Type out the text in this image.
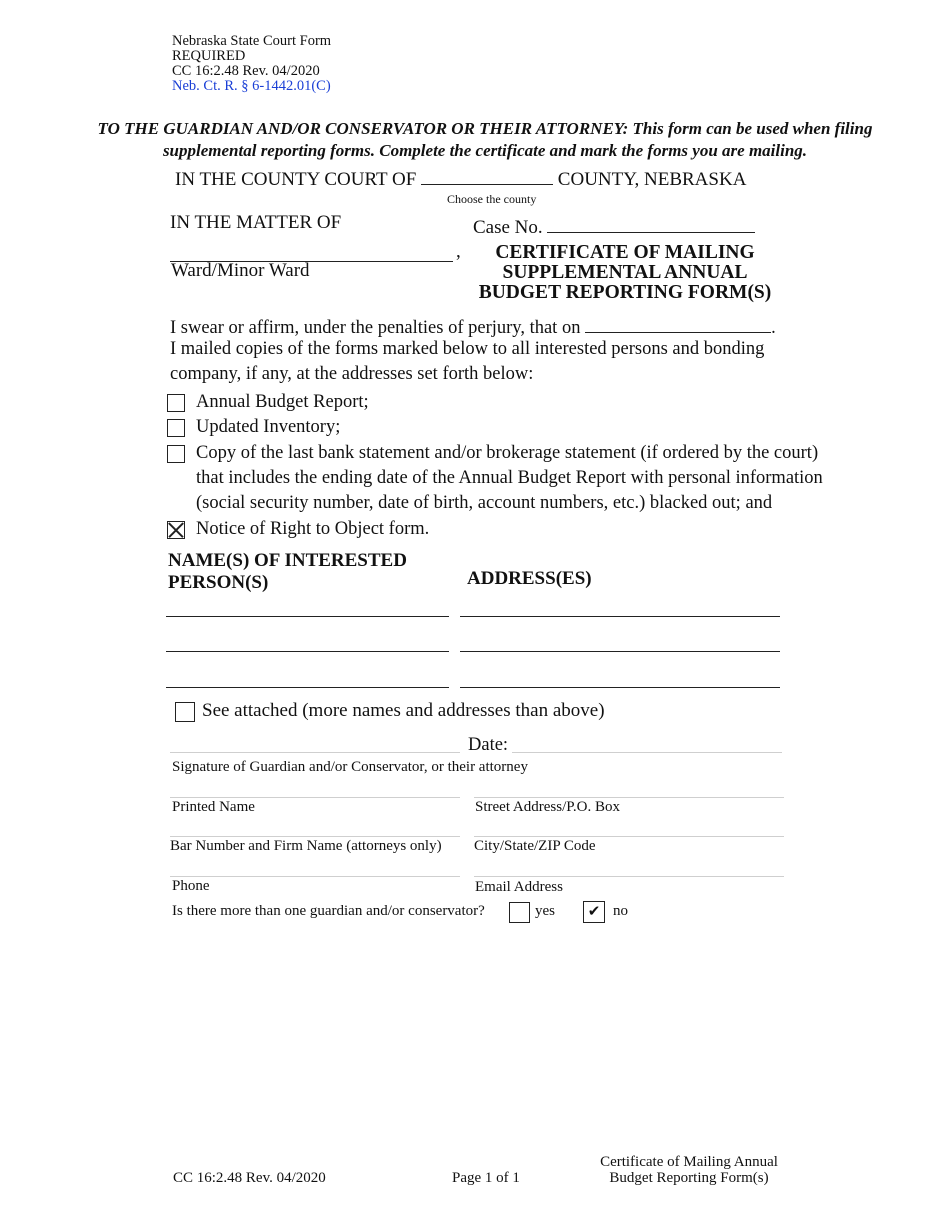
Nebraska State Court Form
REQUIRED
CC 16:2.48 Rev. 04/2020
Neb. Ct. R. § 6-1442.01(C)
TO THE GUARDIAN AND/OR CONSERVATOR OR THEIR ATTORNEY: This form can be used when filing supplemental reporting forms. Complete the certificate and mark the forms you are mailing.
IN THE COUNTY COURT OF	COUNTY, NEBRASKA
Choose the county
IN THE MATTER OF	Case No.
,
Ward/Minor Ward
CERTIFICATE OF MAILING
SUPPLEMENTAL ANNUAL
BUDGET REPORTING FORM(S)
I swear or affirm, under the penalties of perjury, that on	.
I mailed copies of the forms marked below to all interested persons and bonding
company, if any, at the addresses set forth below:
Annual Budget Report;
Updated Inventory;
Copy of the last bank statement and/or brokerage statement (if ordered by the court)
that includes the ending date of the Annual Budget Report with personal information
(social security number, date of birth, account numbers, etc.) blacked out; and
Notice of Right to Object form.
NAME(S) OF INTERESTED
PERSON(S)	ADDRESS(ES)
See attached (more names and addresses than above)
Date:
Signature of Guardian and/or Conservator, or their attorney
Printed Name	Street Address/P.O. Box
Bar Number and Firm Name (attorneys only) City/State/ZIP Code
Phone	Email Address
Is there more than one guardian and/or conservator?	yes	✔ no
CC 16:2.48 Rev. 04/2020	Page 1 of 1
Certificate of Mailing Annual
Budget Reporting Form(s)
